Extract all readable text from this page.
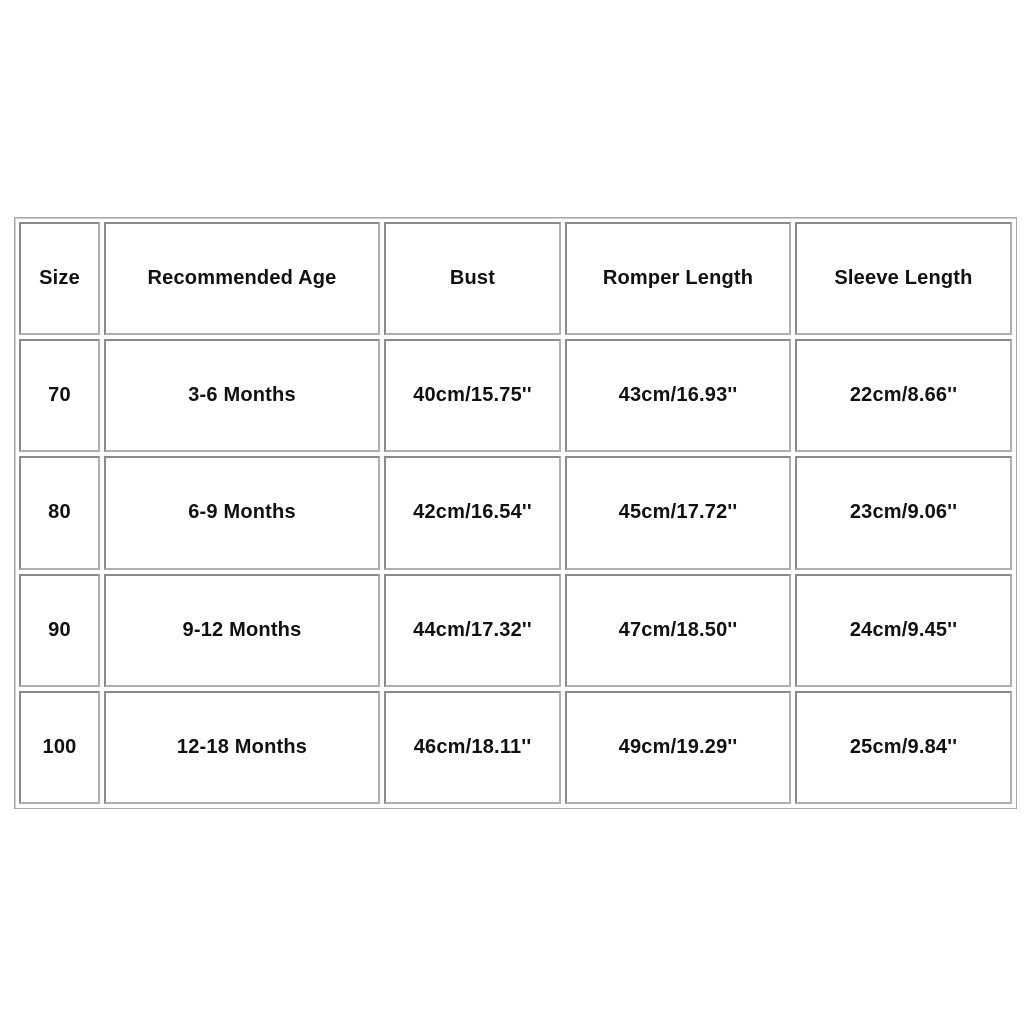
Size	Recommended Age	Bust	Romper Length	Sleeve Length
70	3-6 Months	40cm/15.75''	43cm/16.93''	22cm/8.66''
80	6-9 Months	42cm/16.54''	45cm/17.72''	23cm/9.06''
90	9-12 Months	44cm/17.32''	47cm/18.50''	24cm/9.45''
100	12-18 Months	46cm/18.11''	49cm/19.29''	25cm/9.84''
